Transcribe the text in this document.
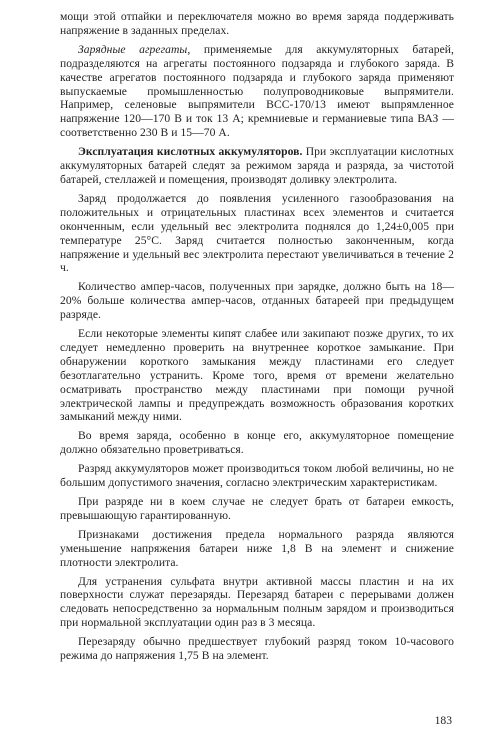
мощи этой отпайки и переключателя можно во время заряда поддерживать напряжение в заданных пределах.

Зарядные агрегаты, применяемые для аккумуляторных батарей, подразделяются на агрегаты постоянного подзаряда и глубокого заряда. В качестве агрегатов постоянного подзаряда и глубокого заряда применяют выпускаемые промышленностью полупроводниковые выпрямители. Например, селеновые выпрямители ВСС-170/13 имеют выпрямленное напряжение 120—170 В и ток 13 А; кремниевые и германиевые типа ВАЗ — соответственно 230 В и 15—70 А.

Эксплуатация кислотных аккумуляторов. При эксплуатации кислотных аккумуляторных батарей следят за режимом заряда и разряда, за чистотой батарей, стеллажей и помещения, производят доливку электролита.

Заряд продолжается до появления усиленного газообразования на положительных и отрицательных пластинах всех элементов и считается оконченным, если удельный вес электролита поднялся до 1,24±0,005 при температуре 25°С. Заряд считается полностью законченным, когда напряжение и удельный вес электролита перестают увеличиваться в течение 2 ч.

Количество ампер-часов, полученных при зарядке, должно быть на 18—20% больше количества ампер-часов, отданных батареей при предыдущем разряде.

Если некоторые элементы кипят слабее или закипают позже других, то их следует немедленно проверить на внутреннее короткое замыкание. При обнаружении короткого замыкания между пластинами его следует безотлагательно устранить. Кроме того, время от времени желательно осматривать пространство между пластинами при помощи ручной электрической лампы и предупреждать возможность образования коротких замыканий между ними.

Во время заряда, особенно в конце его, аккумуляторное помещение должно обязательно проветриваться.

Разряд аккумуляторов может производиться током любой величины, но не большим допустимого значения, согласно электрическим характеристикам.

При разряде ни в коем случае не следует брать от батареи емкость, превышающую гарантированную.

Признаками достижения предела нормального разряда являются уменьшение напряжения батареи ниже 1,8 В на элемент и снижение плотности электролита.

Для устранения сульфата внутри активной массы пластин и на их поверхности служат перезаряды. Перезаряд батареи с перерывами должен следовать непосредственно за нормальным полным зарядом и производиться при нормальной эксплуатации один раз в 3 месяца.

Перезаряду обычно предшествует глубокий разряд током 10-часового режима до напряжения 1,75 В на элемент.

183
